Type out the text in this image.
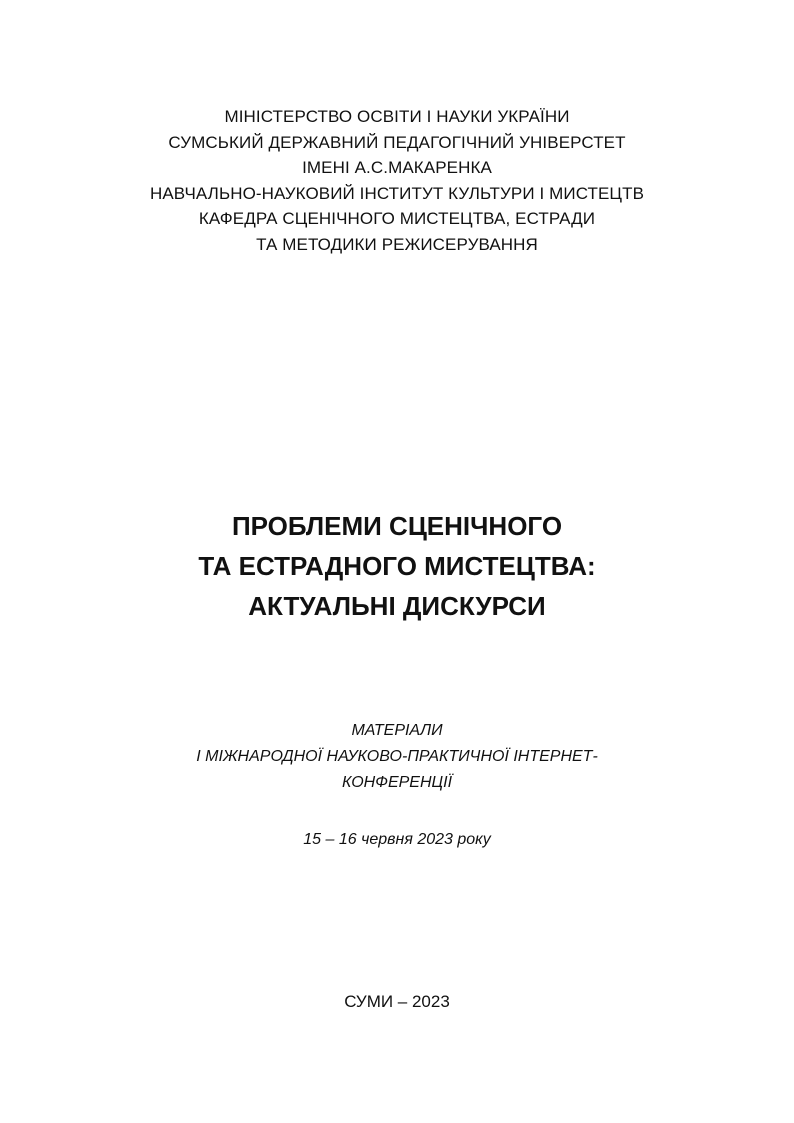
МІНІСТЕРСТВО ОСВІТИ І НАУКИ УКРАЇНИ
СУМСЬКИЙ ДЕРЖАВНИЙ ПЕДАГОГІЧНИЙ УНІВЕРСТЕТ
ІМЕНІ А.С.МАКАРЕНКА
НАВЧАЛЬНО-НАУКОВИЙ ІНСТИТУТ КУЛЬТУРИ І МИСТЕЦТВ
КАФЕДРА СЦЕНІЧНОГО МИСТЕЦТВА, ЕСТРАДИ
ТА МЕТОДИКИ РЕЖИСЕРУВАННЯ
ПРОБЛЕМИ СЦЕНІЧНОГО
ТА ЕСТРАДНОГО МИСТЕЦТВА:
АКТУАЛЬНІ ДИСКУРСИ
МАТЕРІАЛИ
І МІЖНАРОДНОЇ НАУКОВО-ПРАКТИЧНОЇ ІНТЕРНЕТ-
КОНФЕРЕНЦІЇ
15 – 16 червня 2023 року
СУМИ – 2023
